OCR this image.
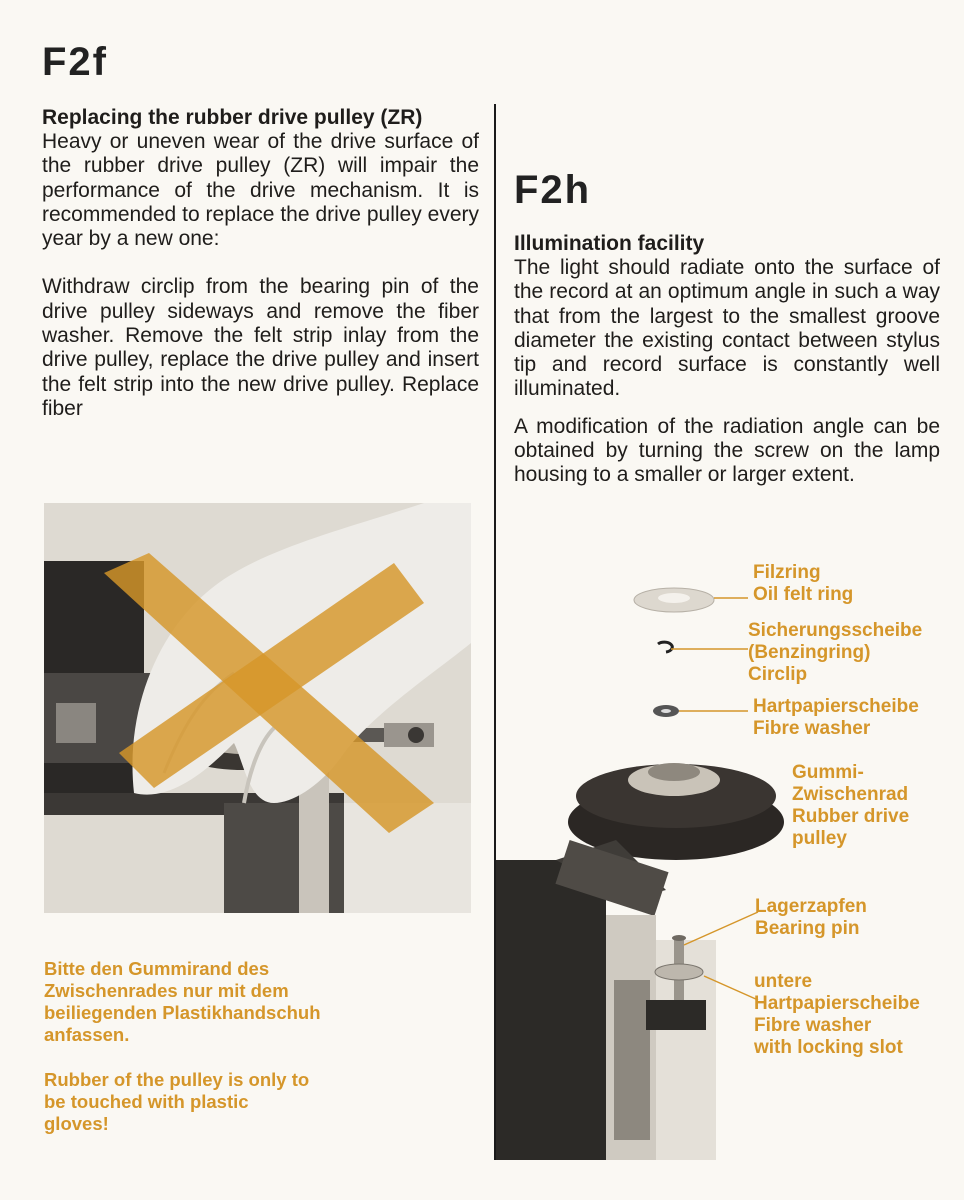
F2f
Replacing the rubber drive pulley (ZR)

Heavy or uneven wear of the drive surface of the rubber drive pulley (ZR) will impair the performance of the drive mechanism. It is recommended to replace the drive pulley every year by a new one:

Withdraw circlip from the bearing pin of the drive pulley sideways and remove the fiber washer. Remove the felt strip inlay from the drive pulley, replace the drive pulley and insert the felt strip into the new drive pulley. Replace fiber

Bitte den Gummirand des Zwischenrades nur mit dem beiliegenden Plastikhandschuh anfassen.
Rubber of the pulley is only to be touched with plastic gloves!
F2h
Illumination facility

The light should radiate onto the surface of the record at an optimum angle in such a way that from the largest to the smallest groove diameter the existing contact between stylus tip and record surface is constantly well illuminated.

A modification of the radiation angle can be obtained by turning the screw on the lamp housing to a smaller or larger extent.

Filzring
Oil felt ring
Sicherungsscheibe
(Benzingring)
Circlip
Hartpapierscheibe
Fibre washer
Gummi-
Zwischenrad
Rubber drive
pulley
Lagerzapfen
Bearing pin
untere
Hartpapierscheibe
Fibre washer
with locking slot
